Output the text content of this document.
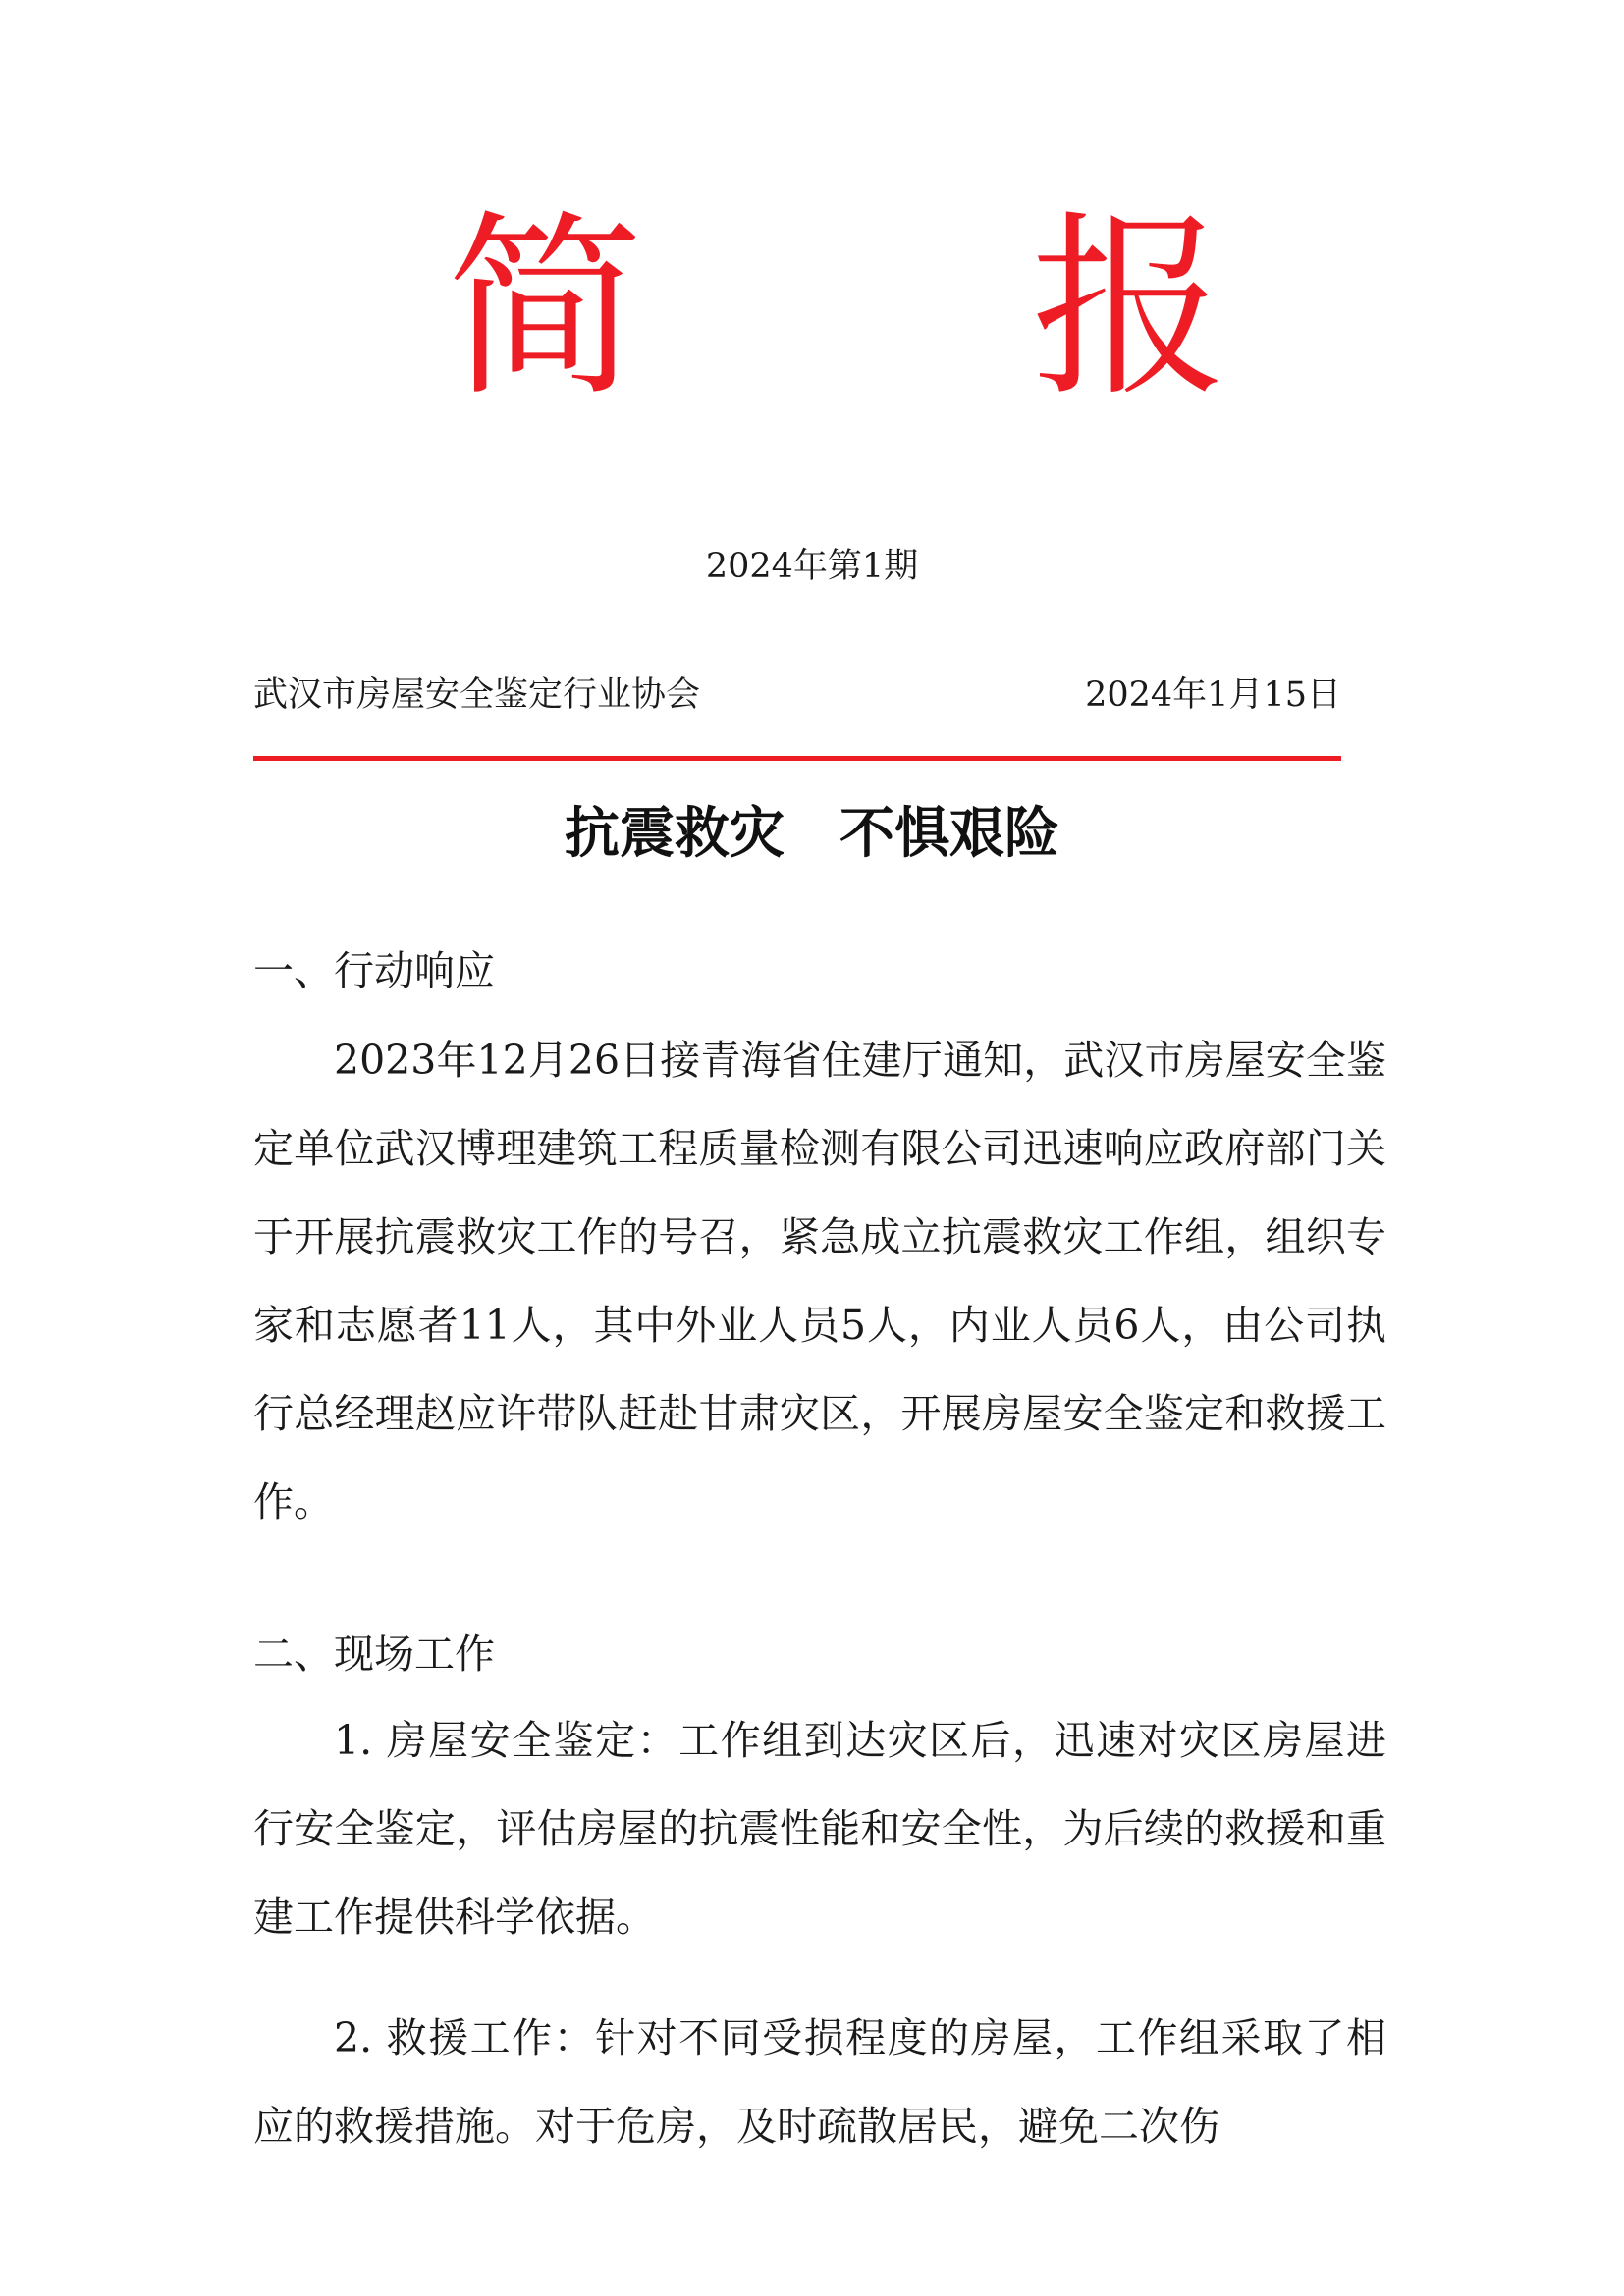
简 报
2024年第1期
武汉市房屋安全鉴定行业协会	2024年1月15日
抗震救灾　不惧艰险
一、行动响应

2023年12月26日接青海省住建厅通知，武汉市房屋安全鉴定单位武汉博理建筑工程质量检测有限公司迅速响应政府部门关于开展抗震救灾工作的号召，紧急成立抗震救灾工作组，组织专家和志愿者11人，其中外业人员5人，内业人员6人，由公司执行总经理赵应许带队赶赴甘肃灾区，开展房屋安全鉴定和救援工作。

二、现场工作

1. 房屋安全鉴定：工作组到达灾区后，迅速对灾区房屋进行安全鉴定，评估房屋的抗震性能和安全性，为后续的救援和重建工作提供科学依据。

2. 救援工作：针对不同受损程度的房屋，工作组采取了相应的救援措施。对于危房，及时疏散居民，避免二次伤
